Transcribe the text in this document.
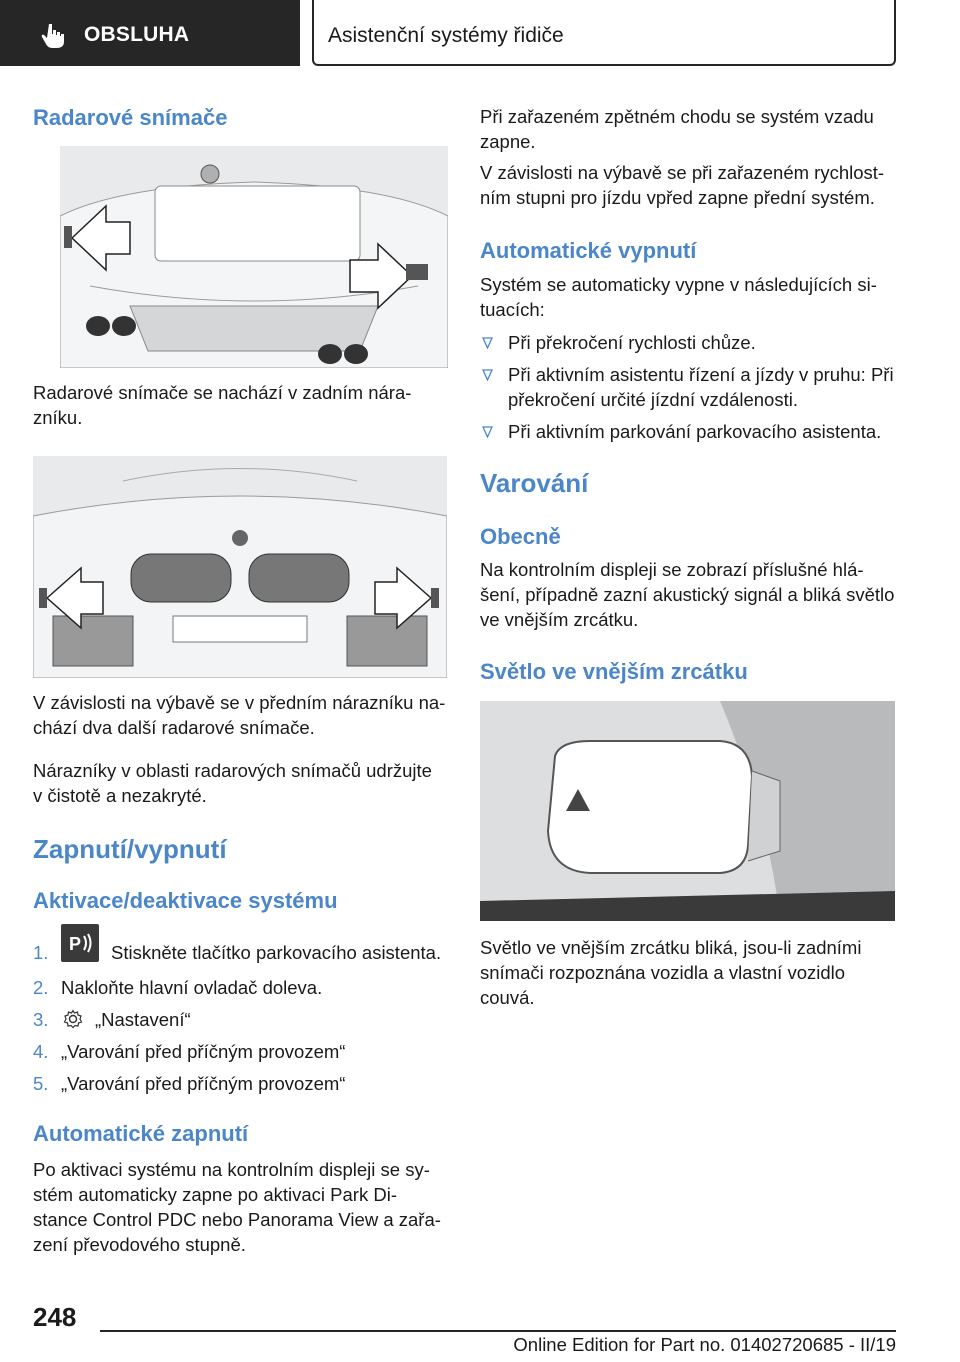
OBSLUHA	Asistenční systémy řidiče
Radarové snímače
Radarové snímače se nachází v zadním nára-
zníku.
V závislosti na výbavě se v předním nárazníku na-
chází dva další radarové snímače.
Nárazníky v oblasti radarových snímačů udržujte
v čistotě a nezakryté.
Zapnutí/vypnutí
Aktivace/deaktivace systému
1. P Stiskněte tlačítko parkovacího asistenta.
2. Nakloňte hlavní ovladač doleva.
3.	„Nastavení“
4. „Varování před příčným provozem“
5. „Varování před příčným provozem“
Automatické zapnutí
Po aktivaci systému na kontrolním displeji se sy-
stém automaticky zapne po aktivaci Park Di-
stance Control PDC nebo Panorama View a zařa-
zení převodového stupně.
Při zařazeném zpětném chodu se systém vzadu
zapne.
V závislosti na výbavě se při zařazeném rychlost-
ním stupni pro jízdu vpřed zapne přední systém.
Automatické vypnutí
Systém se automaticky vypne v následujících si-
tuacích:
Při překročení rychlosti chůze.
Při aktivním asistentu řízení a jízdy v pruhu: Při
překročení určité jízdní vzdálenosti.
Při aktivním parkování parkovacího asistenta.
Varování
Obecně
Na kontrolním displeji se zobrazí příslušné hlá-
šení, případně zazní akustický signál a bliká světlo
ve vnějším zrcátku.
Světlo ve vnějším zrcátku
Světlo ve vnějším zrcátku bliká, jsou-li zadními
snímači rozpoznána vozidla a vlastní vozidlo
couvá.
248
Online Edition for Part no. 01402720685 - II/19
